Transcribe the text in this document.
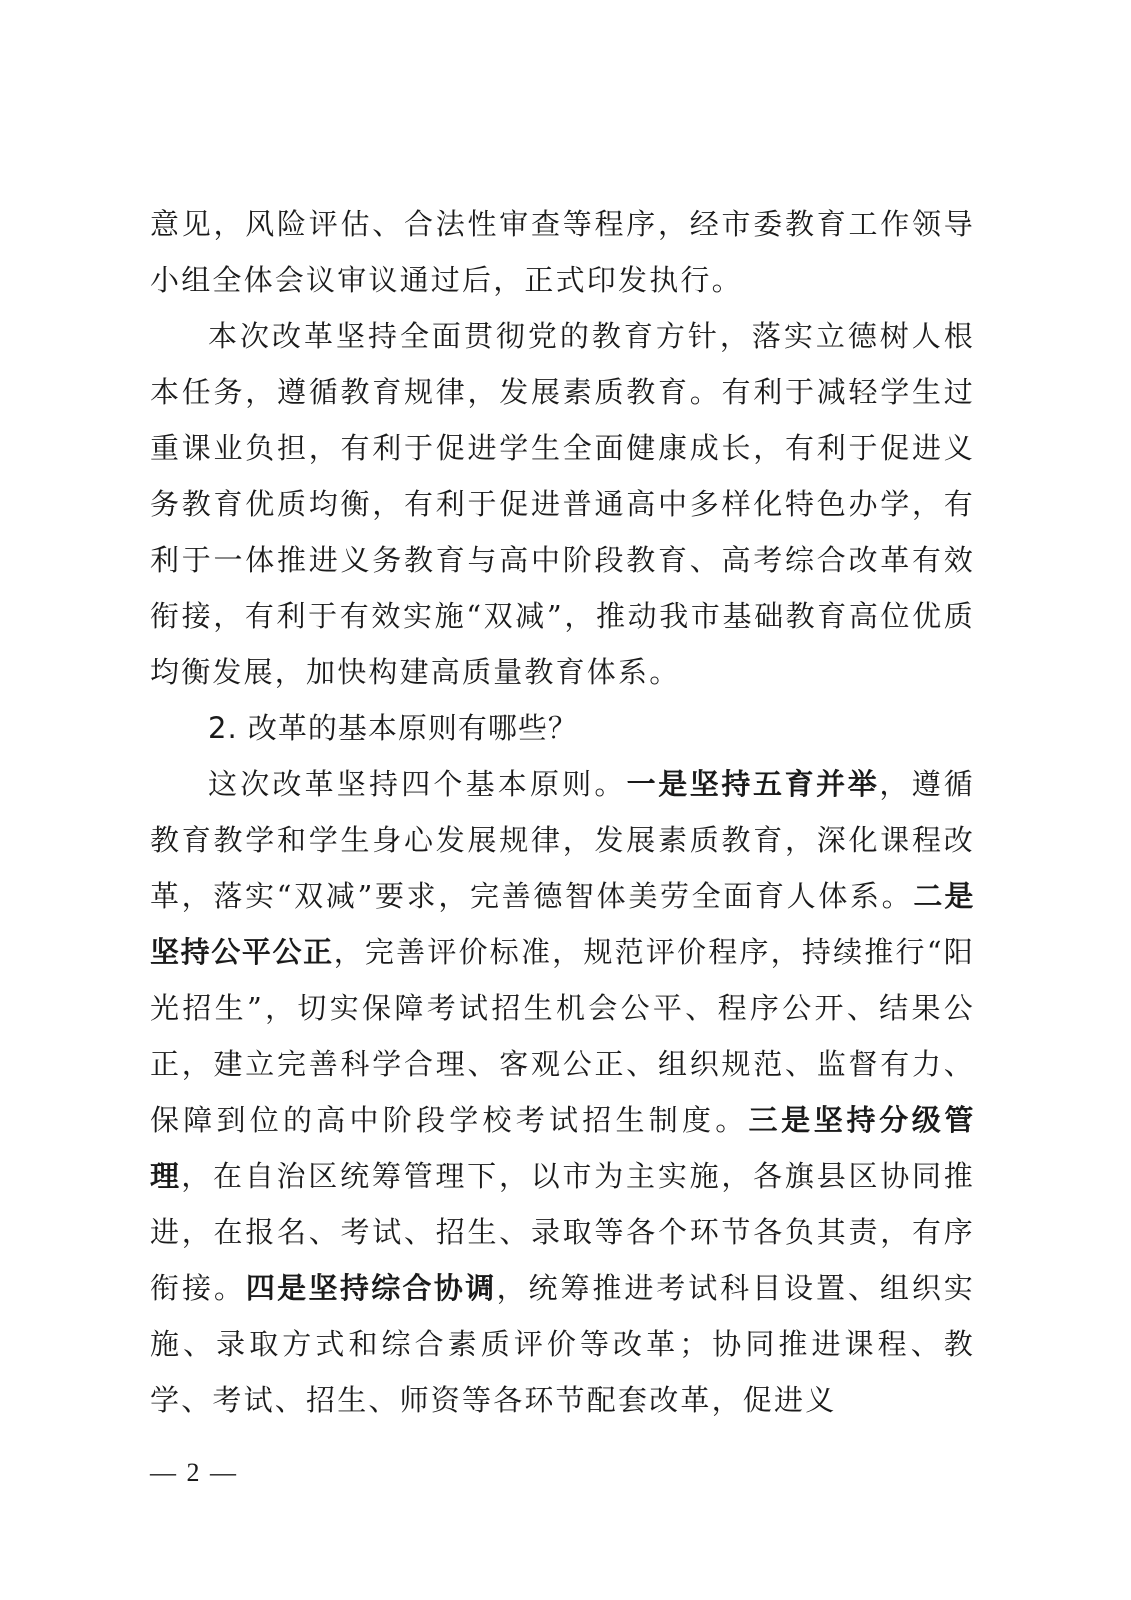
意见，风险评估、合法性审查等程序，经市委教育工作领导小组全体会议审议通过后，正式印发执行。

本次改革坚持全面贯彻党的教育方针，落实立德树人根本任务，遵循教育规律，发展素质教育。有利于减轻学生过重课业负担，有利于促进学生全面健康成长，有利于促进义务教育优质均衡，有利于促进普通高中多样化特色办学，有利于一体推进义务教育与高中阶段教育、高考综合改革有效衔接，有利于有效实施“双减”，推动我市基础教育高位优质均衡发展，加快构建高质量教育体系。

2. 改革的基本原则有哪些？

这次改革坚持四个基本原则。一是坚持五育并举，遵循教育教学和学生身心发展规律，发展素质教育，深化课程改革，落实“双减”要求，完善德智体美劳全面育人体系。二是坚持公平公正，完善评价标准，规范评价程序，持续推行“阳光招生”，切实保障考试招生机会公平、程序公开、结果公正，建立完善科学合理、客观公正、组织规范、监督有力、保障到位的高中阶段学校考试招生制度。三是坚持分级管理，在自治区统筹管理下，以市为主实施，各旗县区协同推进，在报名、考试、招生、录取等各个环节各负其责，有序衔接。四是坚持综合协调，统筹推进考试科目设置、组织实施、录取方式和综合素质评价等改革；协同推进课程、教学、考试、招生、师资等各环节配套改革，促进义

— 2 —
